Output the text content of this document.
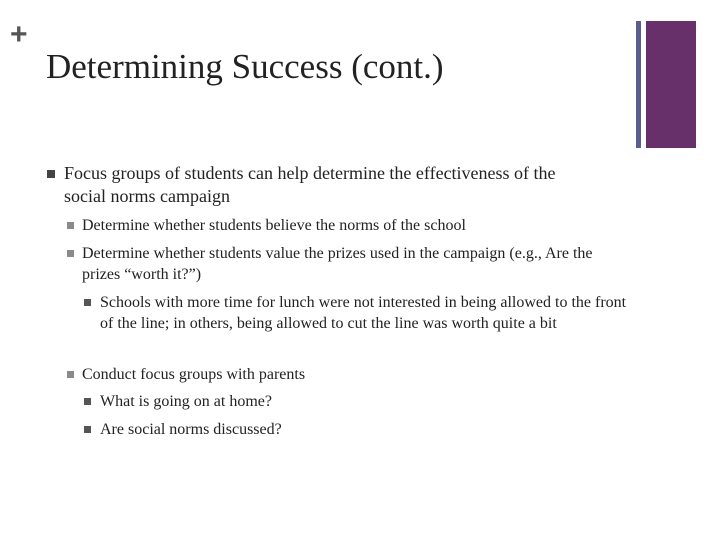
+
Determining Success (cont.)
Focus groups of students can help determine the effectiveness of the social norms campaign
Determine whether students believe the norms of the school
Determine whether students value the prizes used in the campaign (e.g., Are the prizes “worth it?”)
Schools with more time for lunch were not interested in being allowed to the front of the line; in others, being allowed to cut the line was worth quite a bit
Conduct focus groups with parents
What is going on at home?
Are social norms discussed?
